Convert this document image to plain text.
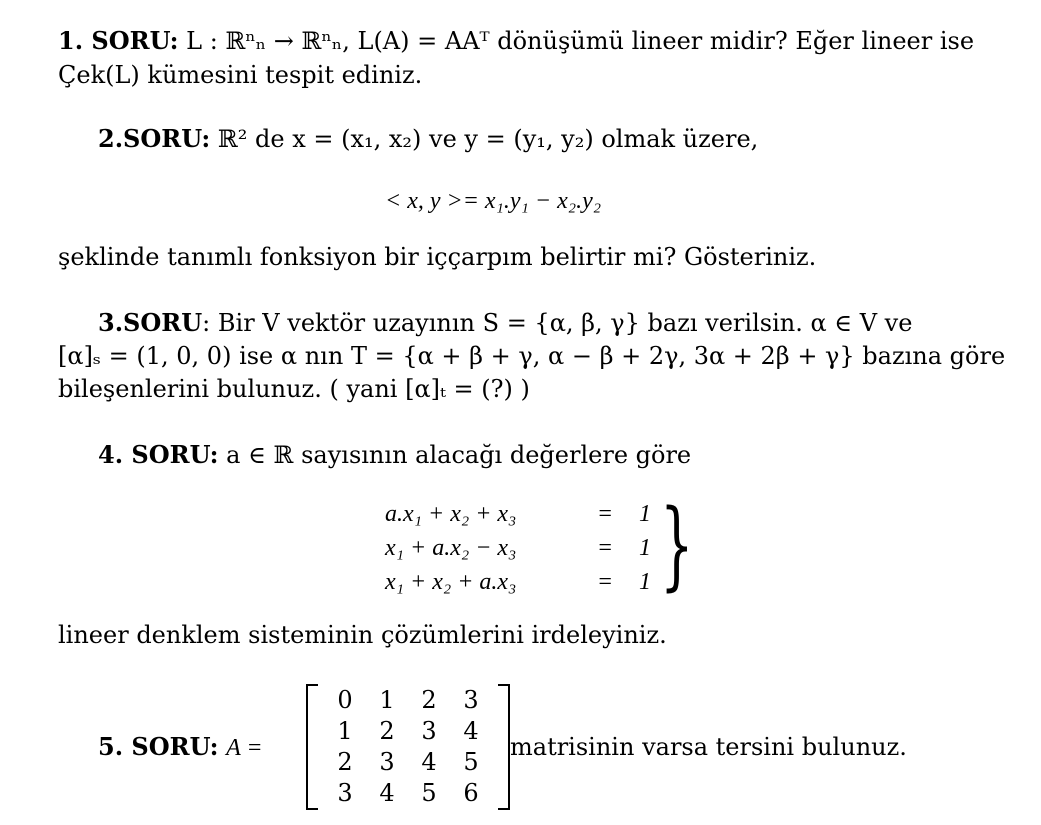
1. SORU: L : ℝⁿₙ → ℝⁿₙ, L(A) = AAᵀ dönüşümü lineer midir? Eğer lineer ise
Çek(L) kümesini tespit ediniz.
2.SORU: ℝ² de x = (x₁, x₂) ve y = (y₁, y₂) olmak üzere,
< x, y >= x₁.y₁ − x₂.y₂
şeklinde tanımlı fonksiyon bir iççarpım belirtir mi? Gösteriniz.
3.SORU: Bir V vektör uzayının S = {α, β, γ} bazı verilsin. α ∈ V ve
[α]ₛ = (1, 0, 0) ise α nın T = {α + β + γ, α − β + 2γ, 3α + 2β + γ} bazına göre
bileşenlerini bulunuz. ( yani [α]ₜ = (?) )
4. SORU: a ∈ ℝ sayısının alacağı değerlere göre
a.x₁ + x₂ + x₃	=	1
x₁ + a.x₂ − x₃	=	1
x₁ + x₂ + a.x₃	=	1 }
lineer denklem sisteminin çözümlerini irdeleyiniz.
5. SORU: A =
0	1	2	3
1	2	3	4
2	3	4	5
3	4	5	6
matrisinin varsa tersini bulunuz.
